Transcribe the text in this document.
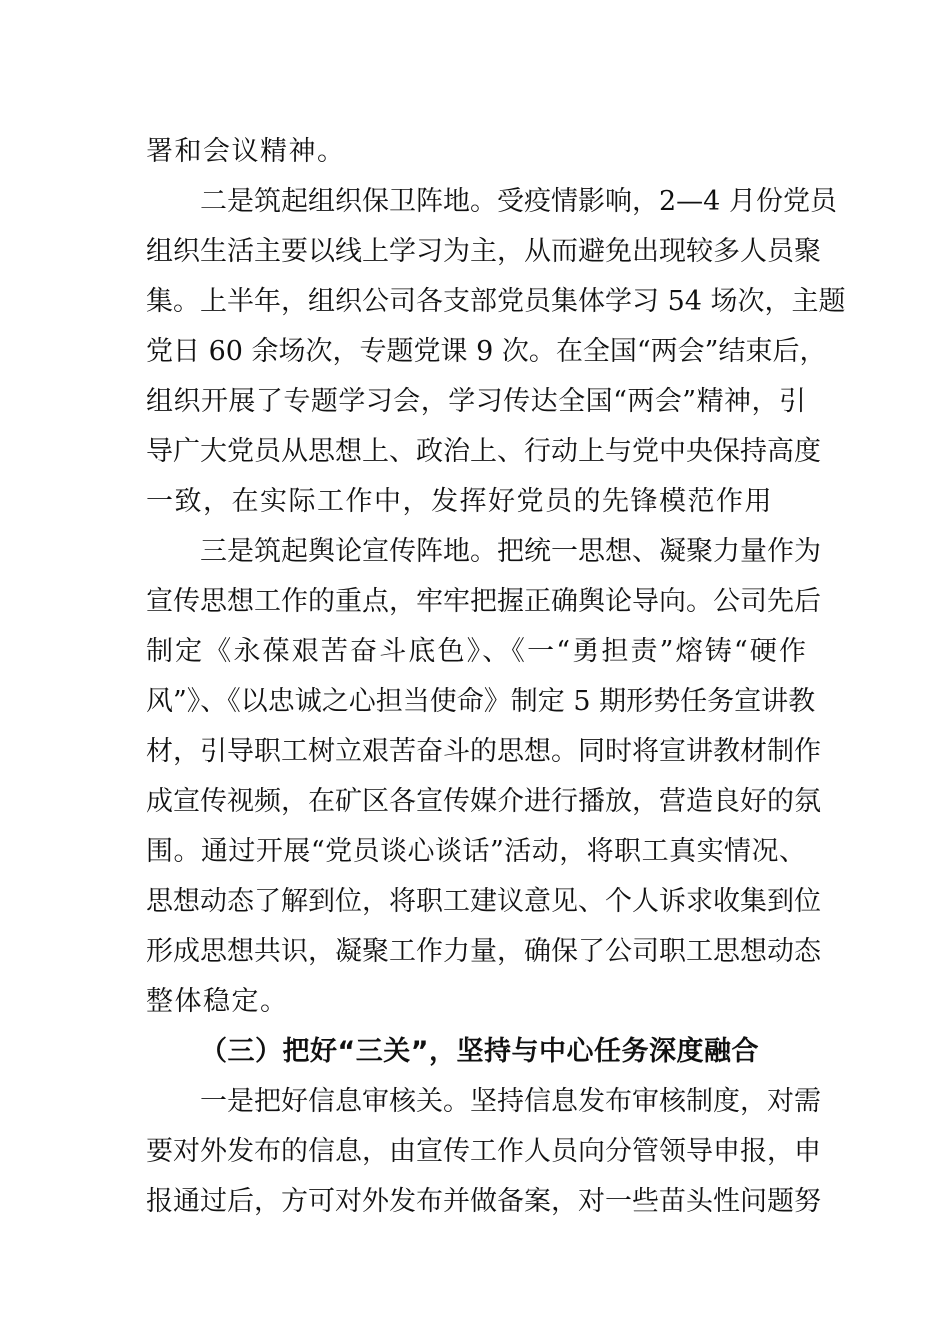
署和会议精神。
二是筑起组织保卫阵地。受疫情影响，2—4 月份党员
组织生活主要以线上学习为主，从而避免出现较多人员聚
集。上半年，组织公司各支部党员集体学习 54 场次，主题
党日 60 余场次，专题党课 9 次。在全国“两会”结束后，
组织开展了专题学习会，学习传达全国“两会”精神，引
导广大党员从思想上、政治上、行动上与党中央保持高度
一致，在实际工作中，发挥好党员的先锋模范作用
三是筑起舆论宣传阵地。把统一思想、凝聚力量作为
宣传思想工作的重点，牢牢把握正确舆论导向。公司先后
制定《永葆艰苦奋斗底色》、《一“勇担责”熔铸“硬作
风”》、《以忠诚之心担当使命》制定 5 期形势任务宣讲教
材，引导职工树立艰苦奋斗的思想。同时将宣讲教材制作
成宣传视频，在矿区各宣传媒介进行播放，营造良好的氛
围。通过开展“党员谈心谈话”活动，将职工真实情况、
思想动态了解到位，将职工建议意见、个人诉求收集到位
形成思想共识，凝聚工作力量，确保了公司职工思想动态
整体稳定。
（三）把好“三关”，坚持与中心任务深度融合
一是把好信息审核关。坚持信息发布审核制度，对需
要对外发布的信息，由宣传工作人员向分管领导申报，申
报通过后，方可对外发布并做备案，对一些苗头性问题努
